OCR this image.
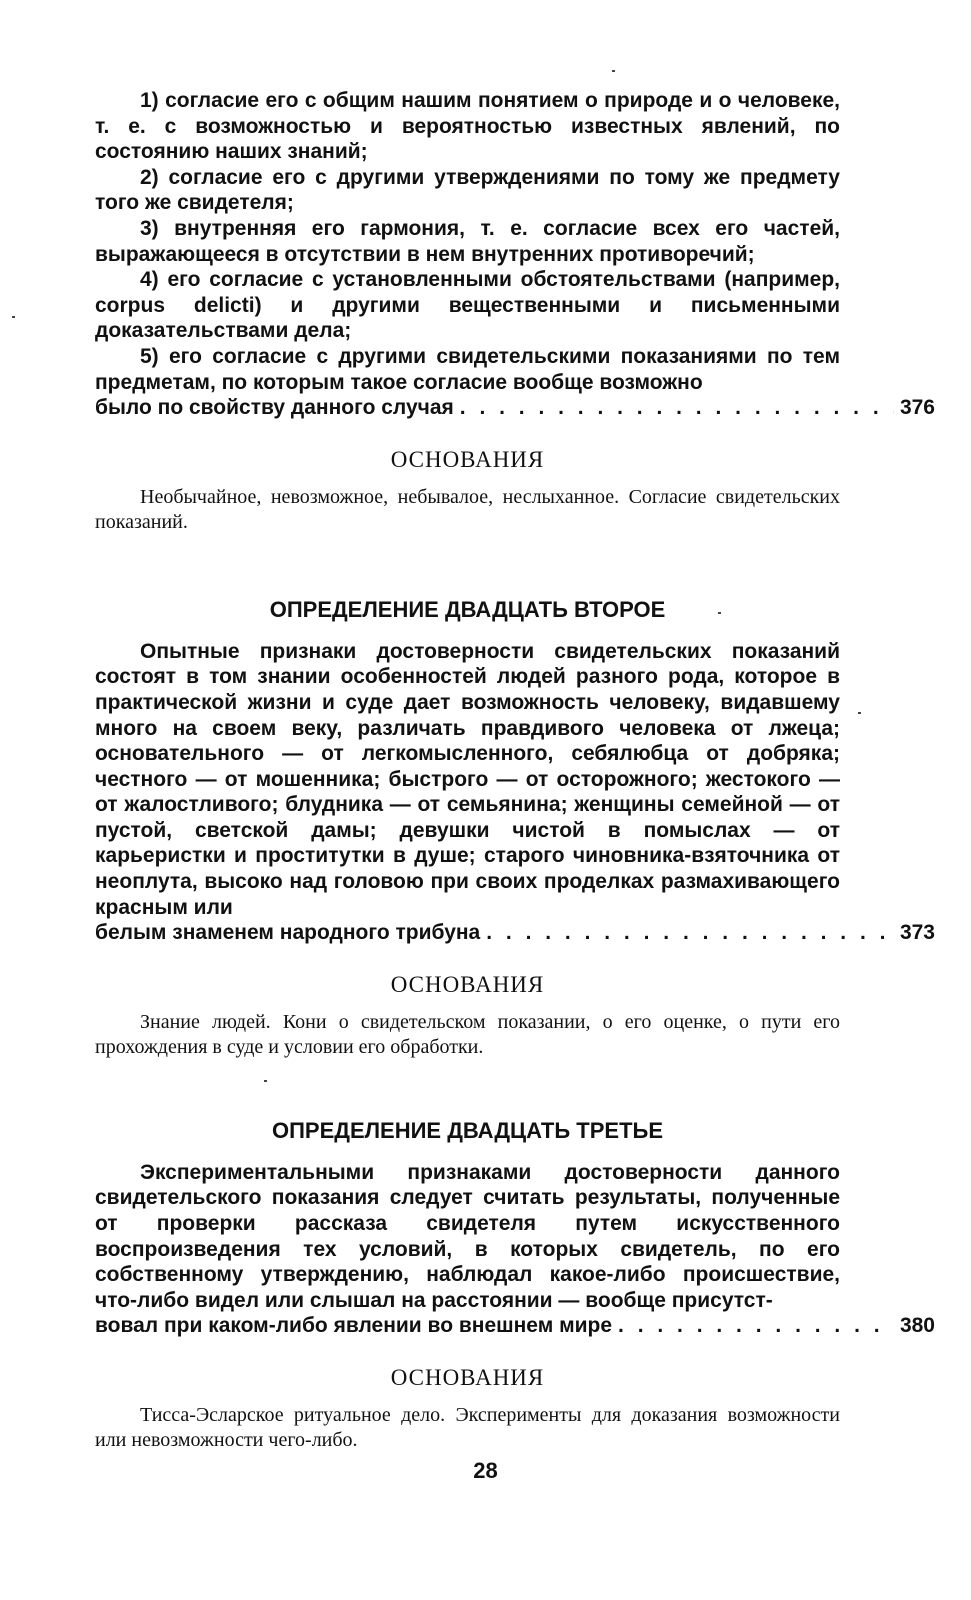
1) согласие его с общим нашим понятием о природе и о человеке, т. е. с возможностью и вероятностью известных явлений, по состоянию наших знаний;

2) согласие его с другими утверждениями по тому же предмету того же свидетеля;

3) внутренняя его гармония, т. е. согласие всех его частей, выражающееся в отсутствии в нем внутренних противоречий;

4) его согласие с установленными обстоятельствами (например, corpus delicti) и другими вещественными и письменными доказательствами дела;

5) его согласие с другими свидетельскими показаниями по тем предметам, по которым такое согласие вообще возможно

было по свойству данного случая . . .	376

ОСНОВАНИЯ

Необычайное, невозможное, небывалое, неслыханное. Согласие свидетельских показаний.

ОПРЕДЕЛЕНИЕ ДВАДЦАТЬ ВТОРОЕ

Опытные признаки достоверности свидетельских показаний состоят в том знании особенностей людей разного рода, которое в практической жизни и суде дает возможность человеку, видавшему много на своем веку, различать правдивого человека от лжеца; основательного — от легкомысленного, себялюбца от добряка; честного — от мошенника; быстрого — от осторожного; жестокого — от жалостливого; блудника — от семьянина; женщины семейной — от пустой, светской дамы; девушки чистой в помыслах — от карьеристки и проститутки в душе; старого чиновника-взяточника от неоплута, высоко над головою при своих проделках размахивающего красным или

белым знаменем народного трибуна . . .	373

ОСНОВАНИЯ

Знание людей. Кони о свидетельском показании, о его оценке, о пути его прохождения в суде и условии его обработки.

ОПРЕДЕЛЕНИЕ ДВАДЦАТЬ ТРЕТЬЕ

Экспериментальными признаками достоверности данного свидетельского показания следует считать результаты, полученные от проверки рассказа свидетеля путем искусственного воспроизведения тех условий, в которых свидетель, по его собственному утверждению, наблюдал какое-либо происшествие, что-либо видел или слышал на расстоянии — вообще присутст-

вовал при каком-либо явлении во внешнем мире . . .	380

ОСНОВАНИЯ

Тисса-Эсларское ритуальное дело. Эксперименты для доказания возможности или невозможности чего-либо.

28
